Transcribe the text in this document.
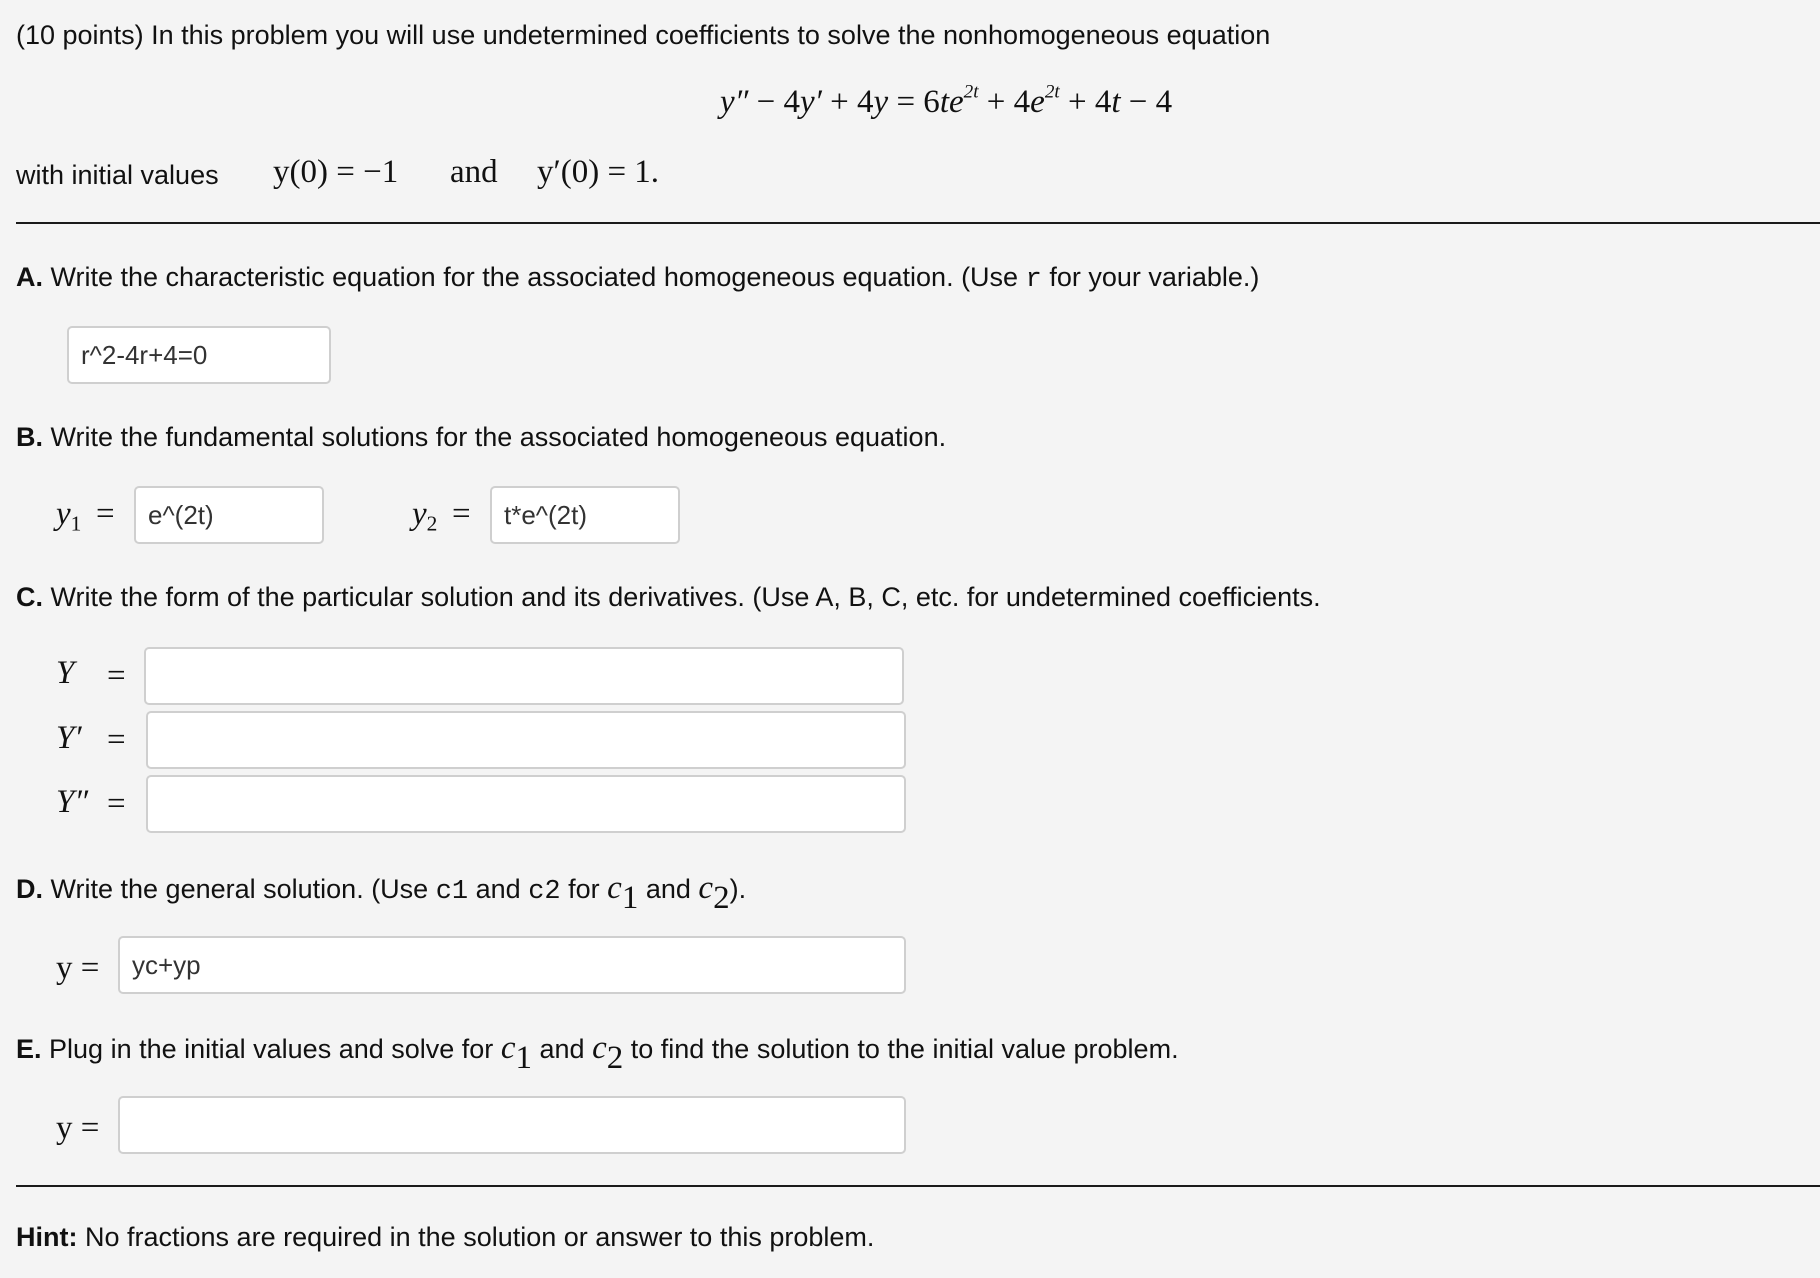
(10 points) In this problem you will use undetermined coefficients to solve the nonhomogeneous equation
$y'' - 4y' + 4y = 6te^{2t} + 4e^{2t} + 4t - 4$
with initial values y(0) = −1 and y′(0) = 1.
A. Write the characteristic equation for the associated homogeneous equation. (Use r for your variable.)
r^2-4r+4=0
B. Write the fundamental solutions for the associated homogeneous equation.
$y_1$ =
e^(2t)	$y_2$ =
t*e^(2t)
C. Write the form of the particular solution and its derivatives. (Use A, B, C, etc. for undetermined coefficients.
Y =
Y′ =
Y″ =
D. Write the general solution. (Use c1 and c2 for $c_1$ and $c_2$).
y =
yc+yp
E. Plug in the initial values and solve for $c_1$ and $c_2$ to find the solution to the initial value problem.
y =
Hint: No fractions are required in the solution or answer to this problem.
